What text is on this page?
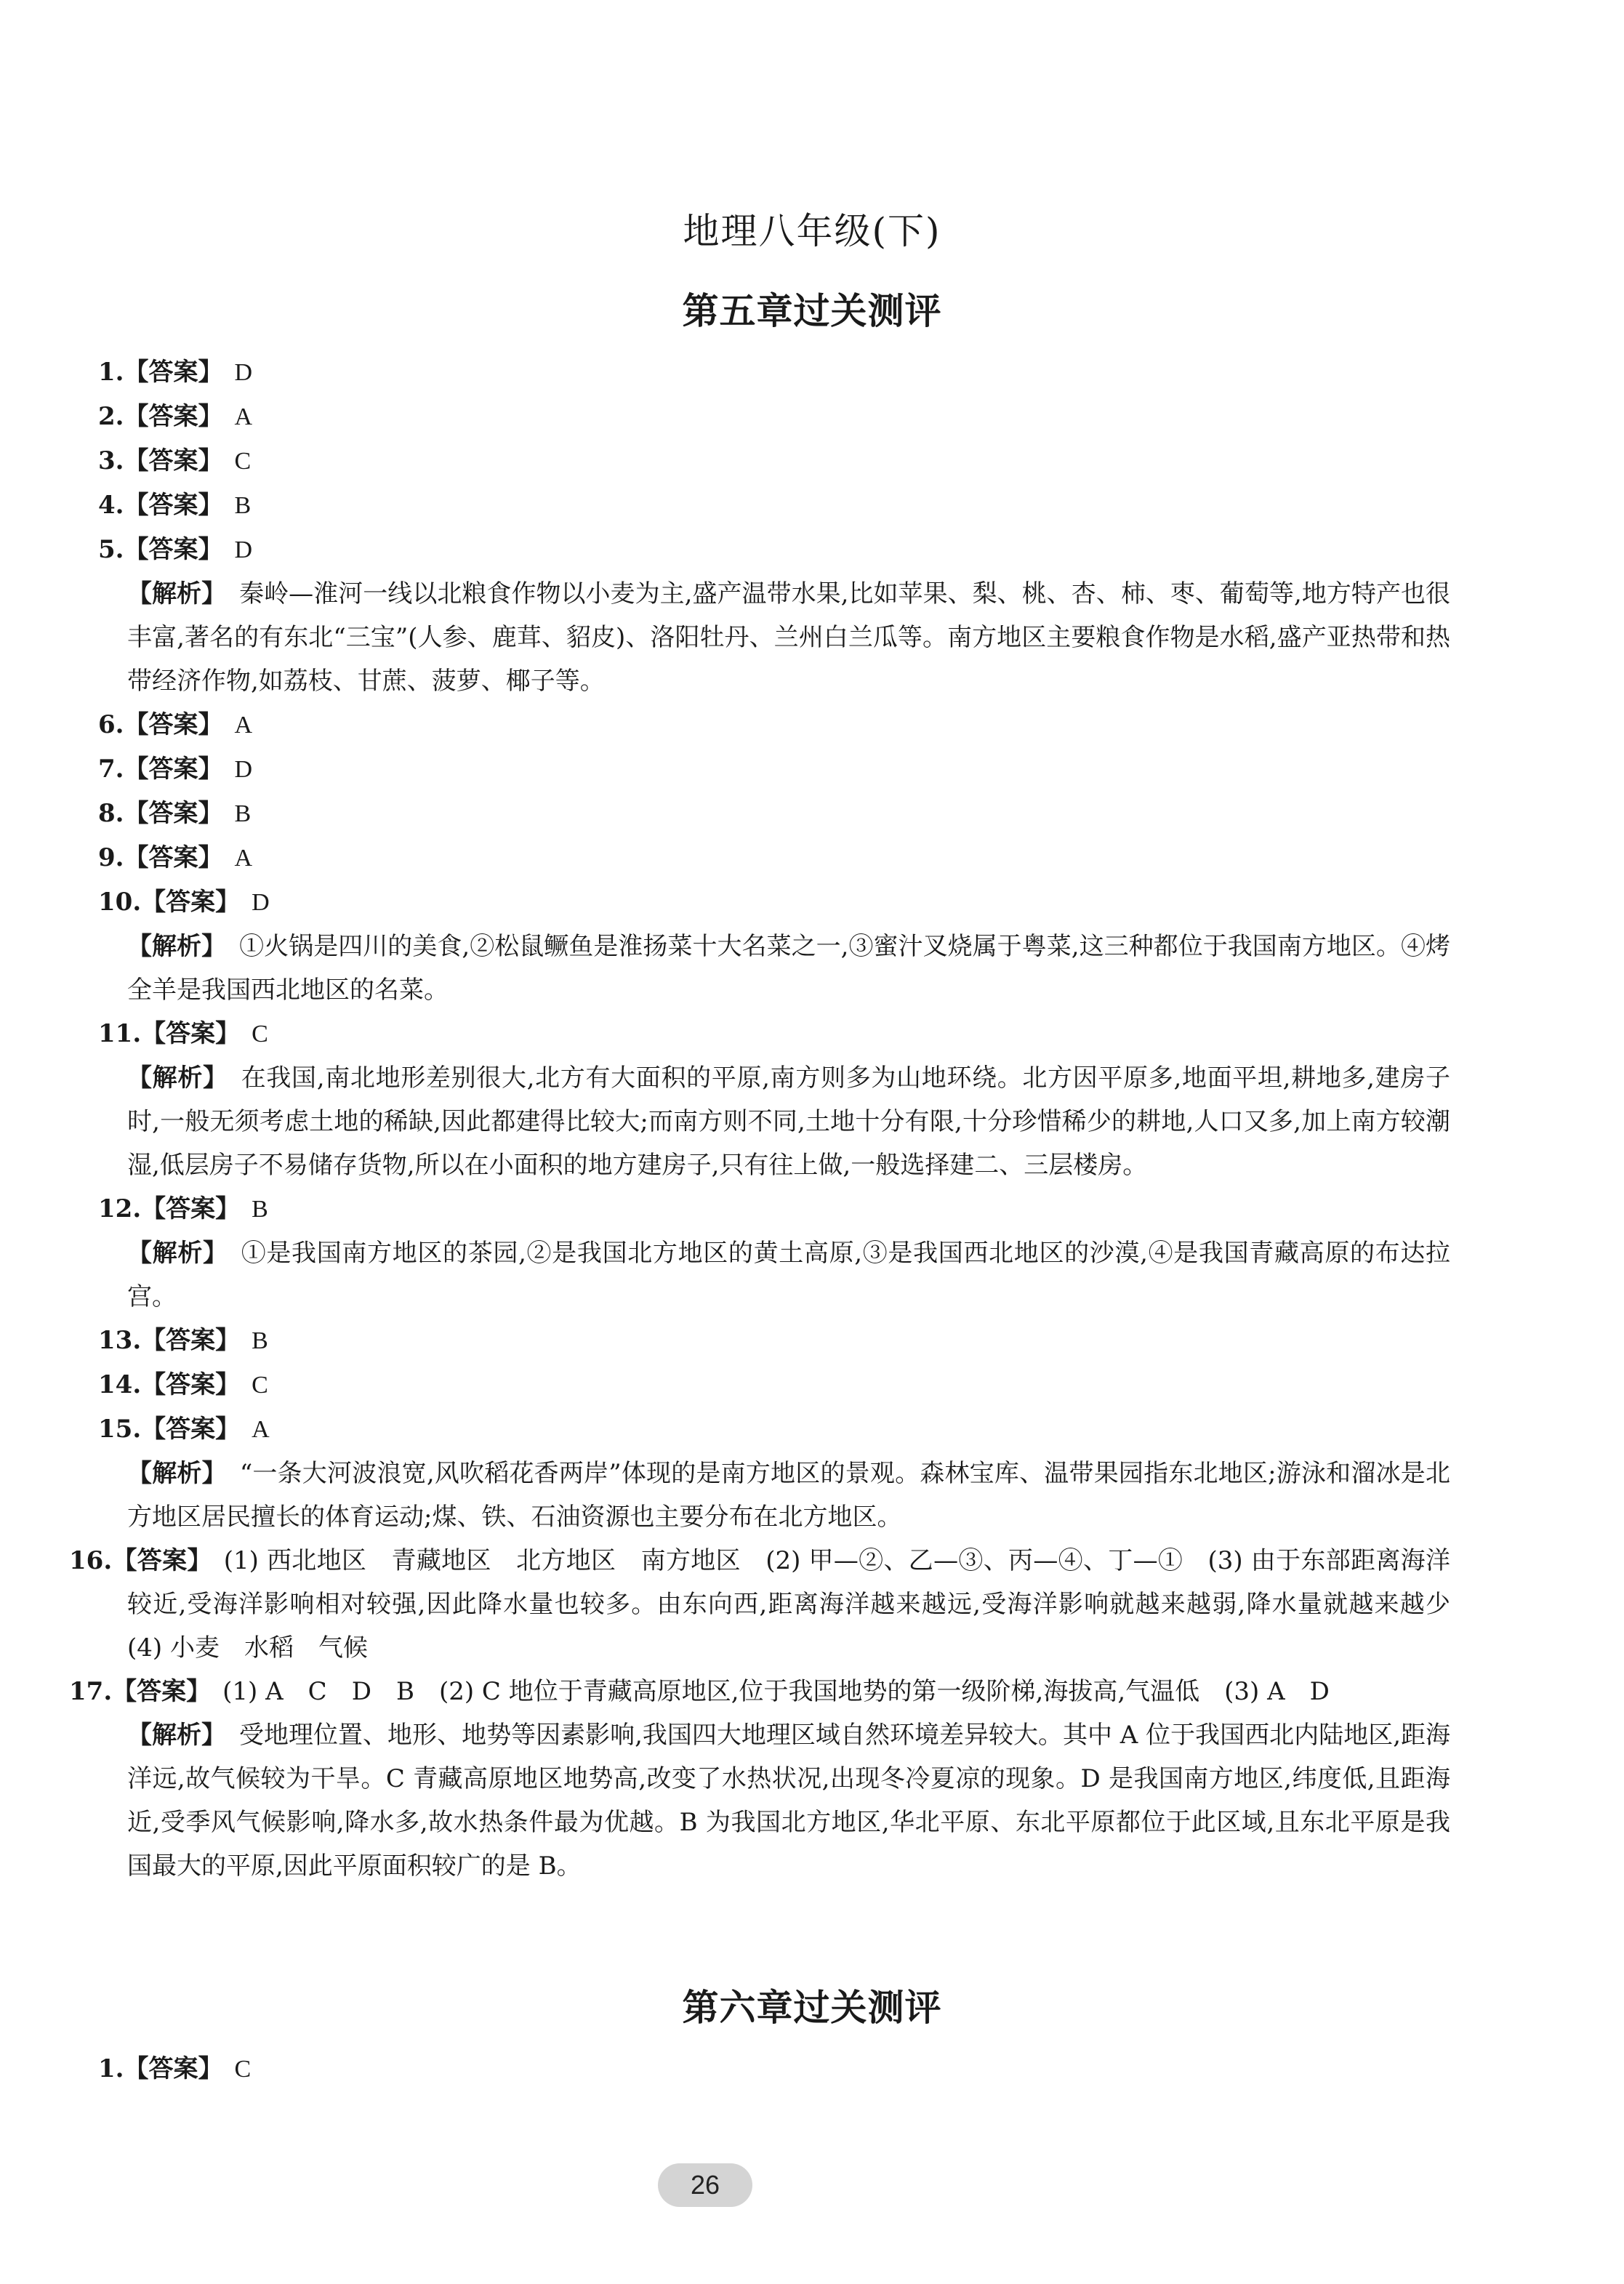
地理八年级(下)
第五章过关测评
1.【答案】 D
2.【答案】 A
3.【答案】 C
4.【答案】 B
5.【答案】 D
【解析】 秦岭—淮河一线以北粮食作物以小麦为主,盛产温带水果,比如苹果、梨、桃、杏、柿、枣、葡萄等,地方特产也很丰富,著名的有东北“三宝”(人参、鹿茸、貂皮)、洛阳牡丹、兰州白兰瓜等。南方地区主要粮食作物是水稻,盛产亚热带和热带经济作物,如荔枝、甘蔗、菠萝、椰子等。
6.【答案】 A
7.【答案】 D
8.【答案】 B
9.【答案】 A
10.【答案】 D
【解析】 ①火锅是四川的美食,②松鼠鳜鱼是淮扬菜十大名菜之一,③蜜汁叉烧属于粤菜,这三种都位于我国南方地区。④烤全羊是我国西北地区的名菜。
11.【答案】 C
【解析】 在我国,南北地形差别很大,北方有大面积的平原,南方则多为山地环绕。北方因平原多,地面平坦,耕地多,建房子时,一般无须考虑土地的稀缺,因此都建得比较大;而南方则不同,土地十分有限,十分珍惜稀少的耕地,人口又多,加上南方较潮湿,低层房子不易储存货物,所以在小面积的地方建房子,只有往上做,一般选择建二、三层楼房。
12.【答案】 B
【解析】 ①是我国南方地区的茶园,②是我国北方地区的黄土高原,③是我国西北地区的沙漠,④是我国青藏高原的布达拉宫。
13.【答案】 B
14.【答案】 C
15.【答案】 A
【解析】 “一条大河波浪宽,风吹稻花香两岸”体现的是南方地区的景观。森林宝库、温带果园指东北地区;游泳和溜冰是北方地区居民擅长的体育运动;煤、铁、石油资源也主要分布在北方地区。
16.【答案】 (1) 西北地区　青藏地区　北方地区　南方地区　(2) 甲—②、乙—③、丙—④、丁—①　(3) 由于东部距离海洋较近,受海洋影响相对较强,因此降水量也较多。由东向西,距离海洋越来越远,受海洋影响就越来越弱,降水量就越来越少　(4) 小麦　水稻　气候
17.【答案】 (1) A　C　D　B　(2) C 地位于青藏高原地区,位于我国地势的第一级阶梯,海拔高,气温低　(3) A　D
【解析】 受地理位置、地形、地势等因素影响,我国四大地理区域自然环境差异较大。其中 A 位于我国西北内陆地区,距海洋远,故气候较为干旱。C 青藏高原地区地势高,改变了水热状况,出现冬冷夏凉的现象。D 是我国南方地区,纬度低,且距海近,受季风气候影响,降水多,故水热条件最为优越。B 为我国北方地区,华北平原、东北平原都位于此区域,且东北平原是我国最大的平原,因此平原面积较广的是 B。
第六章过关测评
1.【答案】 C
26
